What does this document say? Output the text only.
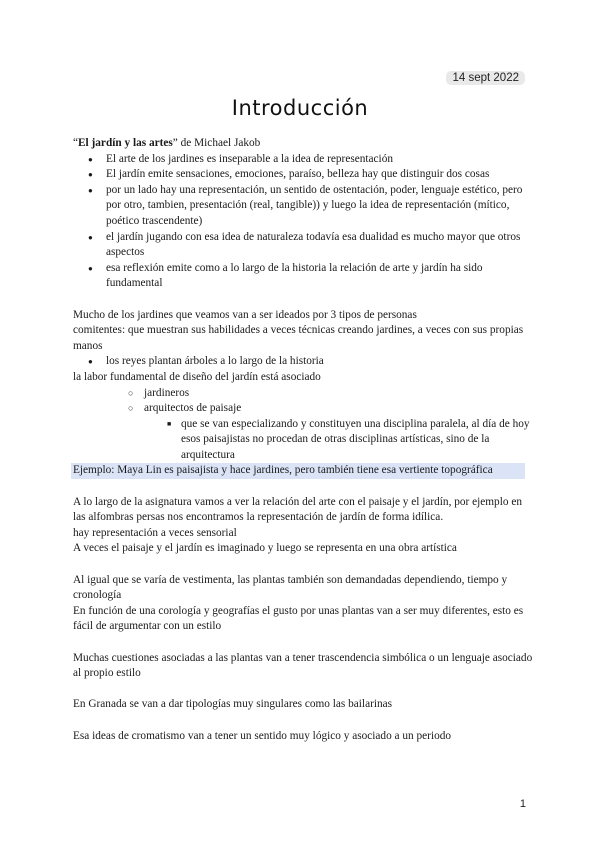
14 sept 2022
Introducción

“El jardín y las artes” de Michael Jakob

● El arte de los jardines es inseparable a la idea de representación
● El jardín emite sensaciones, emociones, paraíso, belleza hay que distinguir dos cosas
● por un lado hay una representación, un sentido de ostentación, poder, lenguaje estético, pero por otro, tambien, presentación (real, tangible)) y luego la idea de representación (mítico, poético trascendente)
● el jardín jugando con esa idea de naturaleza todavía esa dualidad es mucho mayor que otros aspectos
● esa reflexión emite como a lo largo de la historia la relación de arte y jardín ha sido fundamental

Mucho de los jardines que veamos van a ser ideados por 3 tipos de personas

comitentes: que muestran sus habilidades a veces técnicas creando jardines, a veces con sus propias manos

● los reyes plantan árboles a lo largo de la historia

la labor fundamental de diseño del jardín está asociado

○ jardineros
○ arquitectos de paisaje
■ que se van especializando y constituyen una disciplina paralela, al día de hoy esos paisajistas no procedan de otras disciplinas artísticas, sino de la arquitectura

Ejemplo: Maya Lin es paisajista y hace jardines, pero también tiene esa vertiente topográfica

A lo largo de la asignatura vamos a ver la relación del arte con el paisaje y el jardín, por ejemplo en las alfombras persas nos encontramos la representación de jardín de forma idílica.

hay representación a veces sensorial

A veces el paisaje y el jardín es imaginado y luego se representa en una obra artística

Al igual que se varía de vestimenta, las plantas también son demandadas dependiendo, tiempo y cronología

En función de una corología y geografías el gusto por unas plantas van a ser muy diferentes, esto es fácil de argumentar con un estilo

Muchas cuestiones asociadas a las plantas van a tener trascendencia simbólica o un lenguaje asociado al propio estilo

En Granada se van a dar tipologías muy singulares como las bailarinas

Esa ideas de cromatismo van a tener un sentido muy lógico y asociado a un periodo

1
